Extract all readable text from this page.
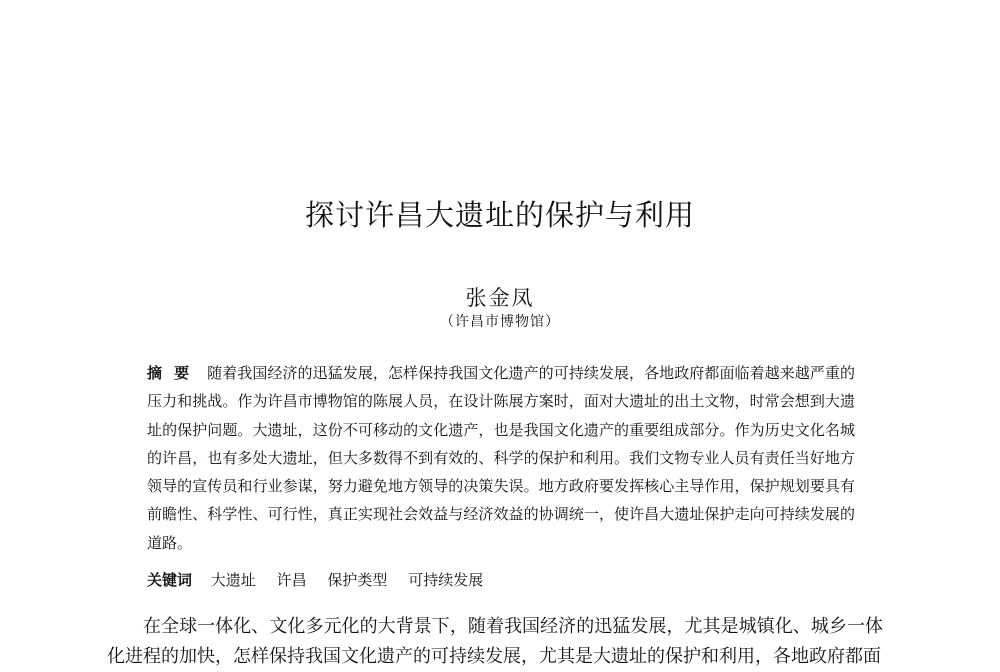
探讨许昌大遗址的保护与利用
张金凤
（许昌市博物馆）

摘要 随着我国经济的迅猛发展，怎样保持我国文化遗产的可持续发展，各地政府都面临着越来越严重的压力和挑战。作为许昌市博物馆的陈展人员，在设计陈展方案时，面对大遗址的出土文物，时常会想到大遗址的保护问题。大遗址，这份不可移动的文化遗产，也是我国文化遗产的重要组成部分。作为历史文化名城的许昌，也有多处大遗址，但大多数得不到有效的、科学的保护和利用。我们文物专业人员有责任当好地方领导的宣传员和行业参谋，努力避免地方领导的决策失误。地方政府要发挥核心主导作用，保护规划要具有前瞻性、科学性、可行性，真正实现社会效益与经济效益的协调统一，使许昌大遗址保护走向可持续发展的道路。

关键词 大遗址 许昌 保护类型 可持续发展

在全球一体化、文化多元化的大背景下，随着我国经济的迅猛发展，尤其是城镇化、城乡一体化进程的加快，怎样保持我国文化遗产的可持续发展，尤其是大遗址的保护和利用，各地政府都面
